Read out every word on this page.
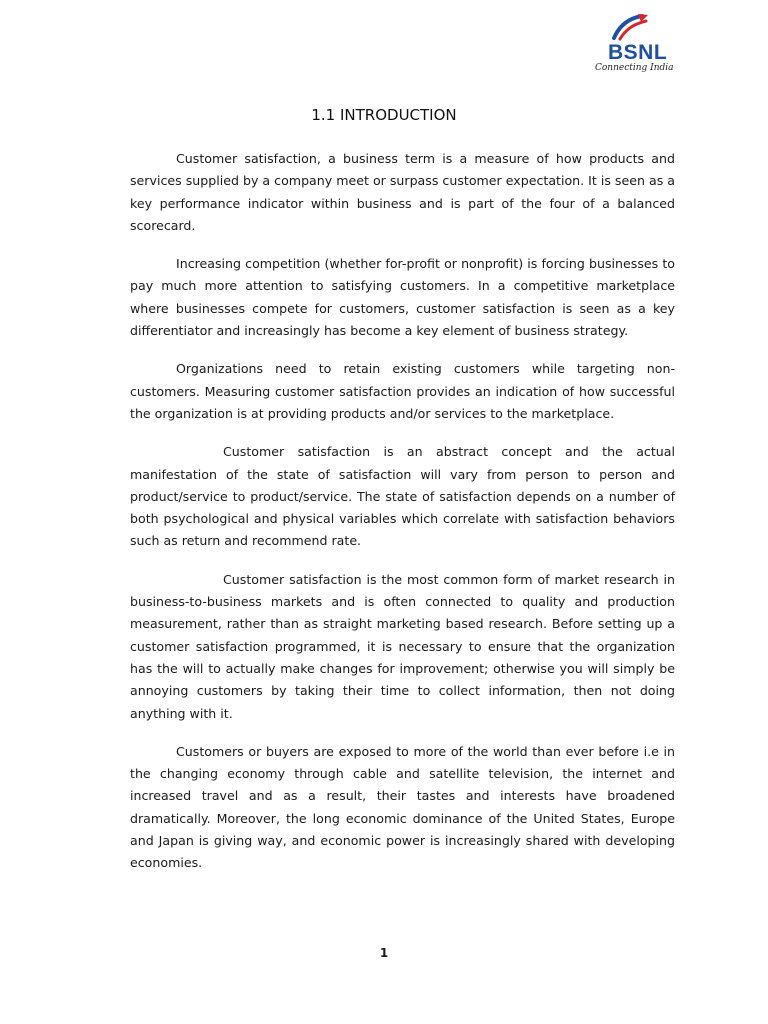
BSNL
Connecting India
1.1 INTRODUCTION

Customer satisfaction, a business term is a measure of how products and services supplied by a company meet or surpass customer expectation. It is seen as a key performance indicator within business and is part of the four of a balanced scorecard.

Increasing competition (whether for-profit or nonprofit) is forcing businesses to pay much more attention to satisfying customers. In a competitive marketplace where businesses compete for customers, customer satisfaction is seen as a key differentiator and increasingly has become a key element of business strategy.

Organizations need to retain existing customers while targeting non-customers. Measuring customer satisfaction provides an indication of how successful the organization is at providing products and/or services to the marketplace.

Customer satisfaction is an abstract concept and the actual manifestation of the state of satisfaction will vary from person to person and product/service to product/service. The state of satisfaction depends on a number of both psychological and physical variables which correlate with satisfaction behaviors such as return and recommend rate.

Customer satisfaction is the most common form of market research in business-to-business markets and is often connected to quality and production measurement, rather than as straight marketing based research. Before setting up a customer satisfaction programmed, it is necessary to ensure that the organization has the will to actually make changes for improvement; otherwise you will simply be annoying customers by taking their time to collect information, then not doing anything with it.

Customers or buyers are exposed to more of the world than ever before i.e in the changing economy through cable and satellite television, the internet and increased travel and as a result, their tastes and interests have broadened dramatically. Moreover, the long economic dominance of the United States, Europe and Japan is giving way, and economic power is increasingly shared with developing economies.

1
